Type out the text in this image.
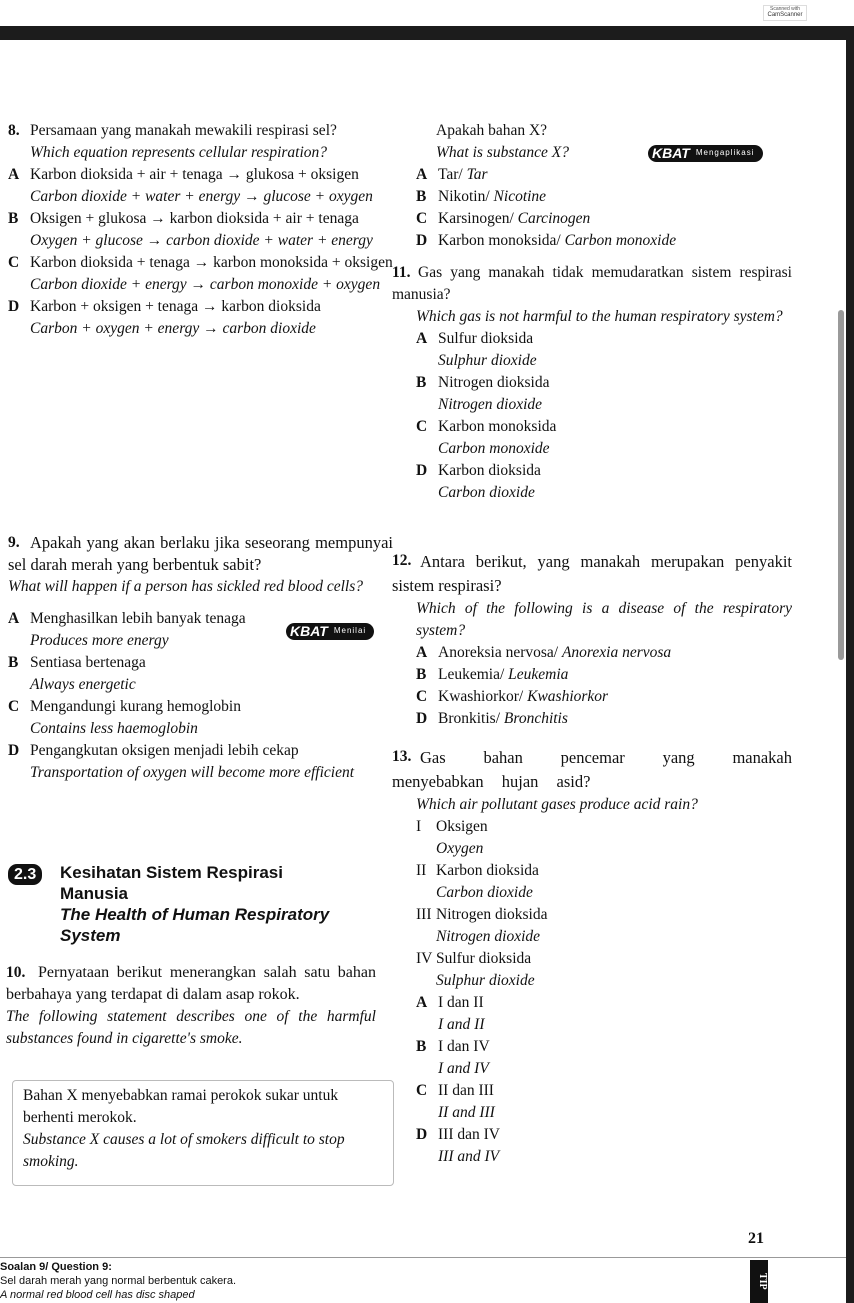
Scanned with
CamScanner
8. Persamaan yang manakah mewakili respirasi sel?
Which equation represents cellular respiration?
A Karbon dioksida + air + tenaga → glukosa + oksigen
Carbon dioxide + water + energy → glucose + oxygen
B Oksigen + glukosa → karbon dioksida + air + tenaga
Oxygen + glucose → carbon dioxide + water + energy
C Karbon dioksida + tenaga → karbon monoksida + oksigen
Carbon dioxide + energy → carbon monoxide + oxygen
D Karbon + oksigen + tenaga → karbon dioksida
Carbon + oxygen + energy → carbon dioxide
9. Apakah yang akan berlaku jika seseorang mempunyai sel darah merah yang berbentuk sabit?
What will happen if a person has sickled red blood cells?
KBAT Menilai
A Menghasilkan lebih banyak tenaga
Produces more energy
B Sentiasa bertenaga
Always energetic
C Mengandungi kurang hemoglobin
Contains less haemoglobin
D Pengangkutan oksigen menjadi lebih cekap
Transportation of oxygen will become more efficient
2.3	Kesihatan Sistem Respirasi Manusia
The Health of Human Respiratory System
10. Pernyataan berikut menerangkan salah satu bahan berbahaya yang terdapat di dalam asap rokok.
The following statement describes one of the harmful substances found in cigarette's smoke.
Bahan X menyebabkan ramai perokok sukar untuk berhenti merokok.
Substance X causes a lot of smokers difficult to stop smoking.
Apakah bahan X?
What is substance X?	KBAT Mengaplikasi
A Tar/ Tar
B Nikotin/ Nicotine
C Karsinogen/ Carcinogen
D Karbon monoksida/ Carbon monoxide
11. Gas yang manakah tidak memudaratkan sistem respirasi manusia?
Which gas is not harmful to the human respiratory system?
A Sulfur dioksida
Sulphur dioxide
B Nitrogen dioksida
Nitrogen dioxide
C Karbon monoksida
Carbon monoxide
D Karbon dioksida
Carbon dioxide
12. Antara berikut, yang manakah merupakan penyakit sistem respirasi?
Which of the following is a disease of the respiratory system?
A Anoreksia nervosa/ Anorexia nervosa
B Leukemia/ Leukemia
C Kwashiorkor/ Kwashiorkor
D Bronkitis/ Bronchitis
13. Gas bahan pencemar yang manakah menyebabkan hujan asid?
Which air pollutant gases produce acid rain?
I Oksigen
Oxygen
II Karbon dioksida
Carbon dioxide
III Nitrogen dioksida
Nitrogen dioxide
IV Sulfur dioksida
Sulphur dioxide
A I dan II
I and II
B I dan IV
I and IV
C II dan III
II and III
D III dan IV
III and IV
21
Soalan 9/ Question 9:
Sel darah merah yang normal berbentuk cakera.
A normal red blood cell has disc shaped
TIP
